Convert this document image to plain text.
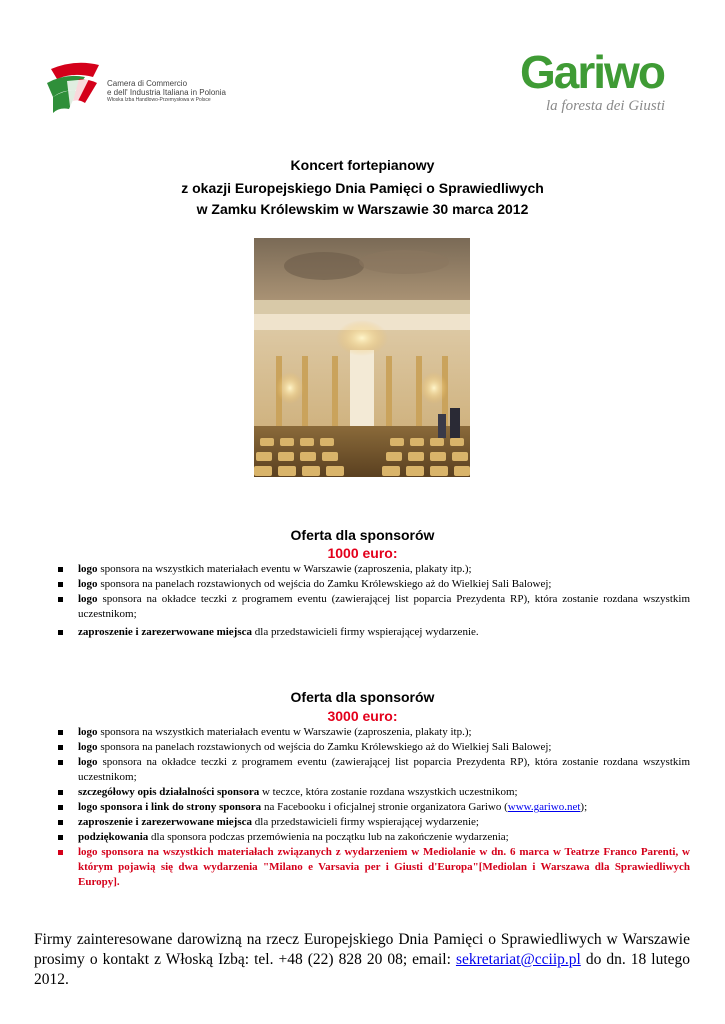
Camera di Commercio
e dell' Industria Italiana in Polonia
Włoska Izba Handlowo-Przemysłowa w Polsce
Gariwo
la foresta dei Giusti
Koncert fortepianowy
z okazji Europejskiego Dnia Pamięci o Sprawiedliwych
w Zamku Królewskim w Warszawie 30 marca 2012
Oferta dla sponsorów
1000 euro:
logo sponsora na wszystkich materiałach eventu w Warszawie (zaproszenia, plakaty itp.);
logo sponsora na panelach rozstawionych od wejścia do Zamku Królewskiego aż do Wielkiej Sali Balowej;
logo sponsora na okładce teczki z programem eventu (zawierającej list poparcia Prezydenta RP), która zostanie rozdana wszystkim uczestnikom;
zaproszenie i zarezerwowane miejsca dla przedstawicieli firmy wspierającej wydarzenie.
Oferta dla sponsorów
3000 euro:
logo sponsora na wszystkich materiałach eventu w Warszawie (zaproszenia, plakaty itp.);
logo sponsora na panelach rozstawionych od wejścia do Zamku Królewskiego aż do Wielkiej Sali Balowej;
logo sponsora na okładce teczki z programem eventu (zawierającej list poparcia Prezydenta RP), która zostanie rozdana wszystkim uczestnikom;
szczegółowy opis działalności sponsora w teczce, która zostanie rozdana wszystkich uczestnikom;
logo sponsora i link do strony sponsora na Facebooku i oficjalnej stronie organizatora Gariwo (www.gariwo.net);
zaproszenie i zarezerwowane miejsca dla przedstawicieli firmy wspierającej wydarzenie;
podziękowania dla sponsora podczas przemówienia na początku lub na zakończenie wydarzenia;
logo sponsora na wszystkich materiałach związanych z wydarzeniem w Mediolanie w dn. 6 marca w Teatrze Franco Parenti, w którym pojawią się dwa wydarzenia "Milano e Varsavia per i Giusti d'Europa"[Mediolan i Warszawa dla Sprawiedliwych Europy].
Firmy zainteresowane darowizną na rzecz Europejskiego Dnia Pamięci o Sprawiedliwych w Warszawie prosimy o kontakt z Włoską Izbą: tel. +48 (22) 828 20 08; email: sekretariat@cciip.pl do dn. 18 lutego 2012.
